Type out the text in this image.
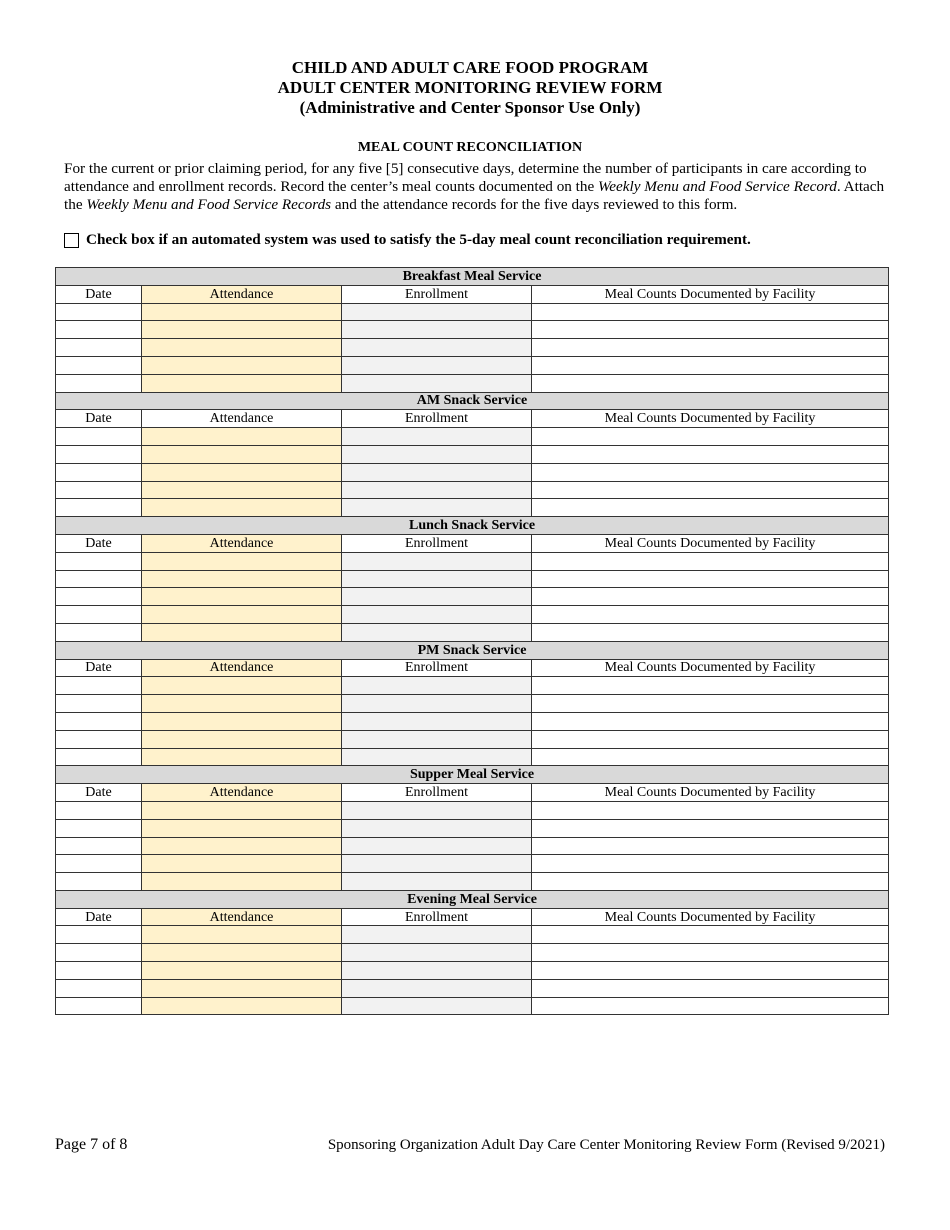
CHILD AND ADULT CARE FOOD PROGRAM
ADULT CENTER MONITORING REVIEW FORM
(Administrative and Center Sponsor Use Only)
MEAL COUNT RECONCILIATION
For the current or prior claiming period, for any five [5] consecutive days, determine the number of participants in care according to attendance and enrollment records. Record the center’s meal counts documented on the Weekly Menu and Food Service Record. Attach the Weekly Menu and Food Service Records and the attendance records for the five days reviewed to this form.
Check box if an automated system was used to satisfy the 5-day meal count reconciliation requirement.
Breakfast Meal Service			
Date	Attendance	Enrollment	Meal Counts Documented by Facility

AM Snack Service			
Date	Attendance	Enrollment	Meal Counts Documented by Facility

Lunch Snack Service			
Date	Attendance	Enrollment	Meal Counts Documented by Facility

PM Snack Service			
Date	Attendance	Enrollment	Meal Counts Documented by Facility

Supper Meal Service			
Date	Attendance	Enrollment	Meal Counts Documented by Facility

Evening Meal Service			
Date	Attendance	Enrollment	Meal Counts Documented by Facility

Page 7 of 8	Sponsoring Organization Adult Day Care Center Monitoring Review Form (Revised 9/2021)
